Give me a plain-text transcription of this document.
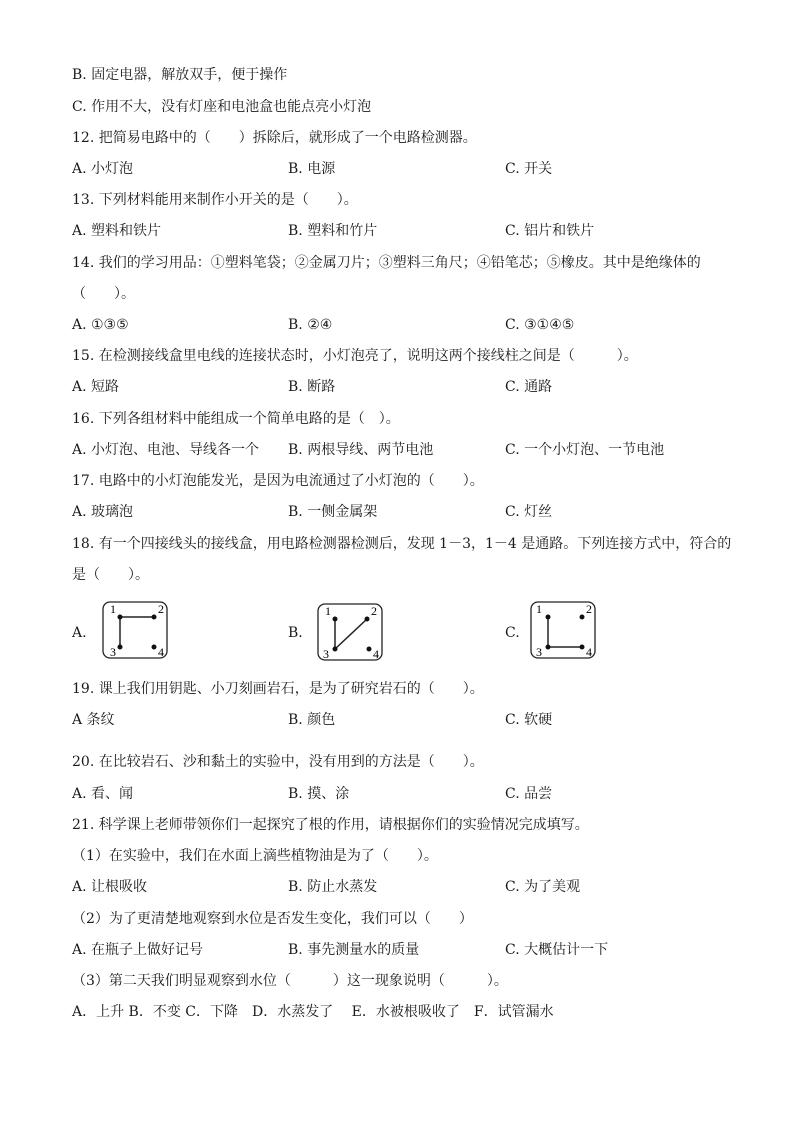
B. 固定电器，解放双手，便于操作
C. 作用不大，没有灯座和电池盒也能点亮小灯泡
12. 把简易电路中的（　　）拆除后，就形成了一个电路检测器。
A. 小灯泡	B. 电源	C. 开关
13. 下列材料能用来制作小开关的是（　　）。
A. 塑料和铁片	B. 塑料和竹片	C. 铝片和铁片
14. 我们的学习用品：①塑料笔袋；②金属刀片；③塑料三角尺；④铅笔芯；⑤橡皮。其中是绝缘体的
（　　）。
A. ①③⑤	B. ②④	C. ③①④⑤
15. 在检测接线盒里电线的连接状态时，小灯泡亮了，说明这两个接线柱之间是（　　　）。
A. 短路	B. 断路	C. 通路
16. 下列各组材料中能组成一个简单电路的是（　）。
A. 小灯泡、电池、导线各一个 B. 两根导线、两节电池	C. 一个小灯泡、一节电池
17. 电路中的小灯泡能发光，是因为电流通过了小灯泡的（　　）。
A. 玻璃泡	B. 一侧金属架	C. 灯丝
18. 有一个四接线头的接线盒，用电路检测器检测后，发现 1－3，1－4 是通路。下列连接方式中，符合的
是（　　）。
A.
1	2
3	4
B.
1	2
3	4
C.
1	2
3	4
19. 课上我们用钥匙、小刀刻画岩石，是为了研究岩石的（　　）。
A 条纹	B. 颜色	C. 软硬
20. 在比较岩石、沙和黏土的实验中，没有用到的方法是（　　）。
A. 看、闻	B. 摸、涂	C. 品尝
21. 科学课上老师带领你们一起探究了根的作用，请根据你们的实验情况完成填写。
（1）在实验中，我们在水面上滴些植物油是为了（　　）。
A. 让根吸收	B. 防止水蒸发	C. 为了美观
（2）为了更清楚地观察到水位是否发生变化，我们可以（　　）
A. 在瓶子上做好记号	B. 事先测量水的质量	C. 大概估计一下
（3）第二天我们明显观察到水位（　　　）这一现象说明（　　　）。
A．上升 B．不变 C．下降　D．水蒸发了　 E．水被根吸收了　F．试管漏水
